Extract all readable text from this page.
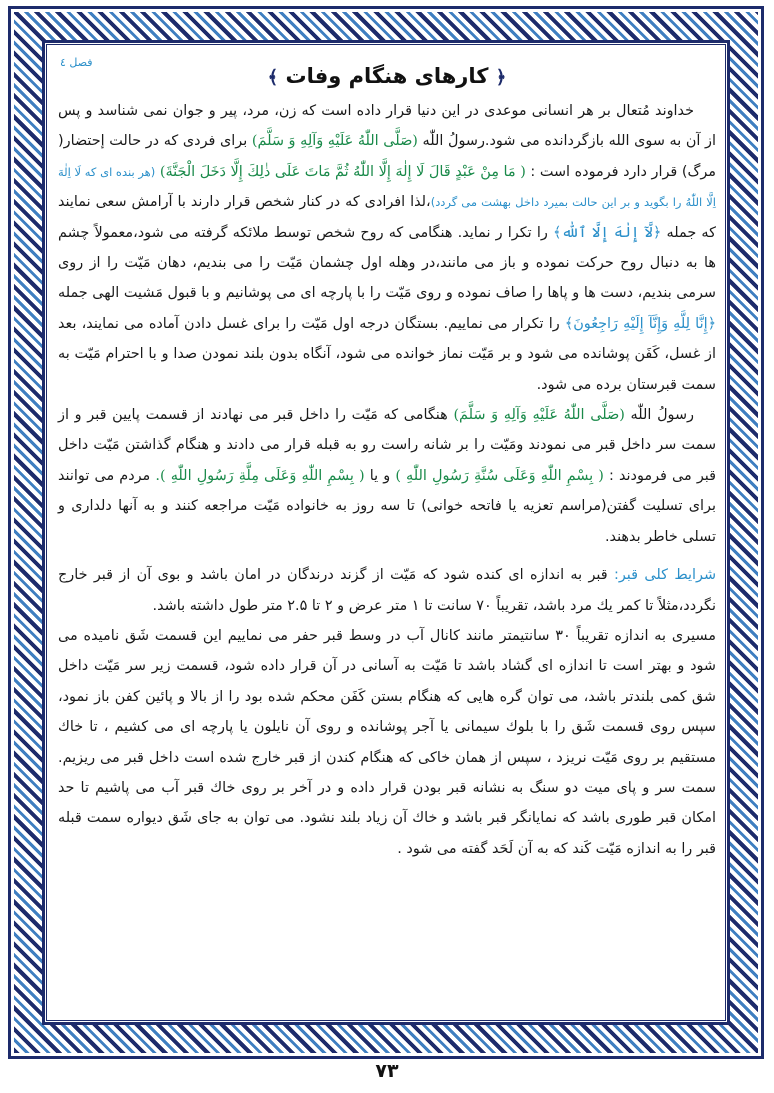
فصل ٤
﴿ کارهای هنگام وفات ﴾

خداوند مُتعال بر هر انسانی موعدی در این دنیا قرار داده است که زن، مرد، پیر و جوان نمی شناسد و پس از آن به سوی الله بازگردانده می شود.رسولُ اللّٰه (صَلَّى اللّٰهُ عَلَيْهِ وَآلِهِ وَ سَلَّمَ) برای فردی که در حالت إحتضار( مرگ) قرار دارد فرموده است : ( مَا مِنْ عَبْدٍ قَالَ لَا إِلٰهَ إِلَّا اللّٰهُ ثُمَّ مَاتَ عَلَى ذٰلِكَ إِلَّا دَخَلَ الْجَنَّةَ) (هر بنده ای که لَا اِلٰهَ اِلَّا اللّٰهُ را بگوید و بر این حالت بمیرد داخل بهشت می گردد)،لذا افرادی که در کنار شخص قرار دارند با آرامش سعی نمایند که جمله ﴿لَّآ إِلٰهَ إِلَّا ٱللّٰه﴾ را تکرا ر نماید. هنگامی که روح شخص توسط ملائکه گرفته می شود،معمولاً چشم ها به دنبال روح حرکت نموده و باز می مانند،در وهله اول چشمان مَیّت را می بندیم، دهان مَیّت را از روی سرمی بندیم، دست ها و پاها را صاف نموده و روی مَیّت را با پارچه ای می پوشانیم و با قبول مَشیت الهی جمله ﴿إِنَّا لِلَّهِ وَإِنَّآ إِلَيْهِ رَاجِعُونَ﴾ را تکرار می نماییم. بستگان درجه اول مَیّت را برای غسل دادن آماده می نمایند، بعد از غسل، کَفَن پوشانده می شود و بر مَیّت نماز خوانده می شود، آنگاه بدون بلند نمودن صدا و با احترام مَیّت به سمت قبرستان برده می شود.

رسولُ اللّٰه (صَلَّى اللّٰهُ عَلَيْهِ وَآلِهِ وَ سَلَّمَ) هنگامی که مَیّت را داخل قبر می نهادند از قسمت پایین قبر و از سمت سر داخل قبر می نمودند ومَیّت را بر شانه راست رو به قبله قرار می دادند و هنگام گذاشتن مَیّت داخل قبر می فرمودند : ( بِسْمِ اللّٰهِ وَعَلَى سُنَّةِ رَسُولِ اللّٰهِ ) و یا ( بِسْمِ اللّٰهِ وَعَلَى مِلَّةِ رَسُولِ اللّٰهِ ). مردم می توانند برای تسلیت گفتن(مراسم تعزیه یا فاتحه خوانی) تا سه روز به خانواده مَیّت مراجعه کنند و به آنها دلداری و تسلی خاطر بدهند.

شرایط کلی قبر: قبر به اندازه ای کنده شود که مَیّت از گزند درندگان در امان باشد و بوی آن از قبر خارج نگردد،مثلاً تا کمر یك مرد باشد، تقریباً ۷۰ سانت تا ۱ متر عرض و ۲ تا ۲.۵ متر طول داشته باشد.

مسیری به اندازه تقریباً ۳۰ سانتیمتر مانند کانال آب در وسط قبر حفر می نماییم این قسمت شَق نامیده می شود و بهتر است تا اندازه ای گشاد باشد تا مَیّت به آسانی در آن قرار داده شود، قسمت زیر سر مَیّت داخل شق کمی بلندتر باشد، می توان گره هایی که هنگام بستن کَفَن محکم شده بود را از بالا و پائین کفن باز نمود، سپس روی قسمت شَق را با بلوك سیمانی یا آجر پوشانده و روی آن نایلون یا پارچه ای می کشیم ، تا خاك مستقیم بر روی مَیّت نریزد ، سپس از همان خاکی که هنگام کندن از قبر خارج شده است داخل قبر می ریزیم. سمت سر و پای میت دو سنگ به نشانه قبر بودن قرار داده و در آخر بر روی خاك قبر آب می پاشیم تا حد امکان قبر طوری باشد که نمایانگر قبر باشد و خاك آن زیاد بلند نشود. می توان به جای شَق دیواره سمت قبله قبر را به اندازه مَیّت کَند که به آن لَحَد گفته می شود .

۷۳
